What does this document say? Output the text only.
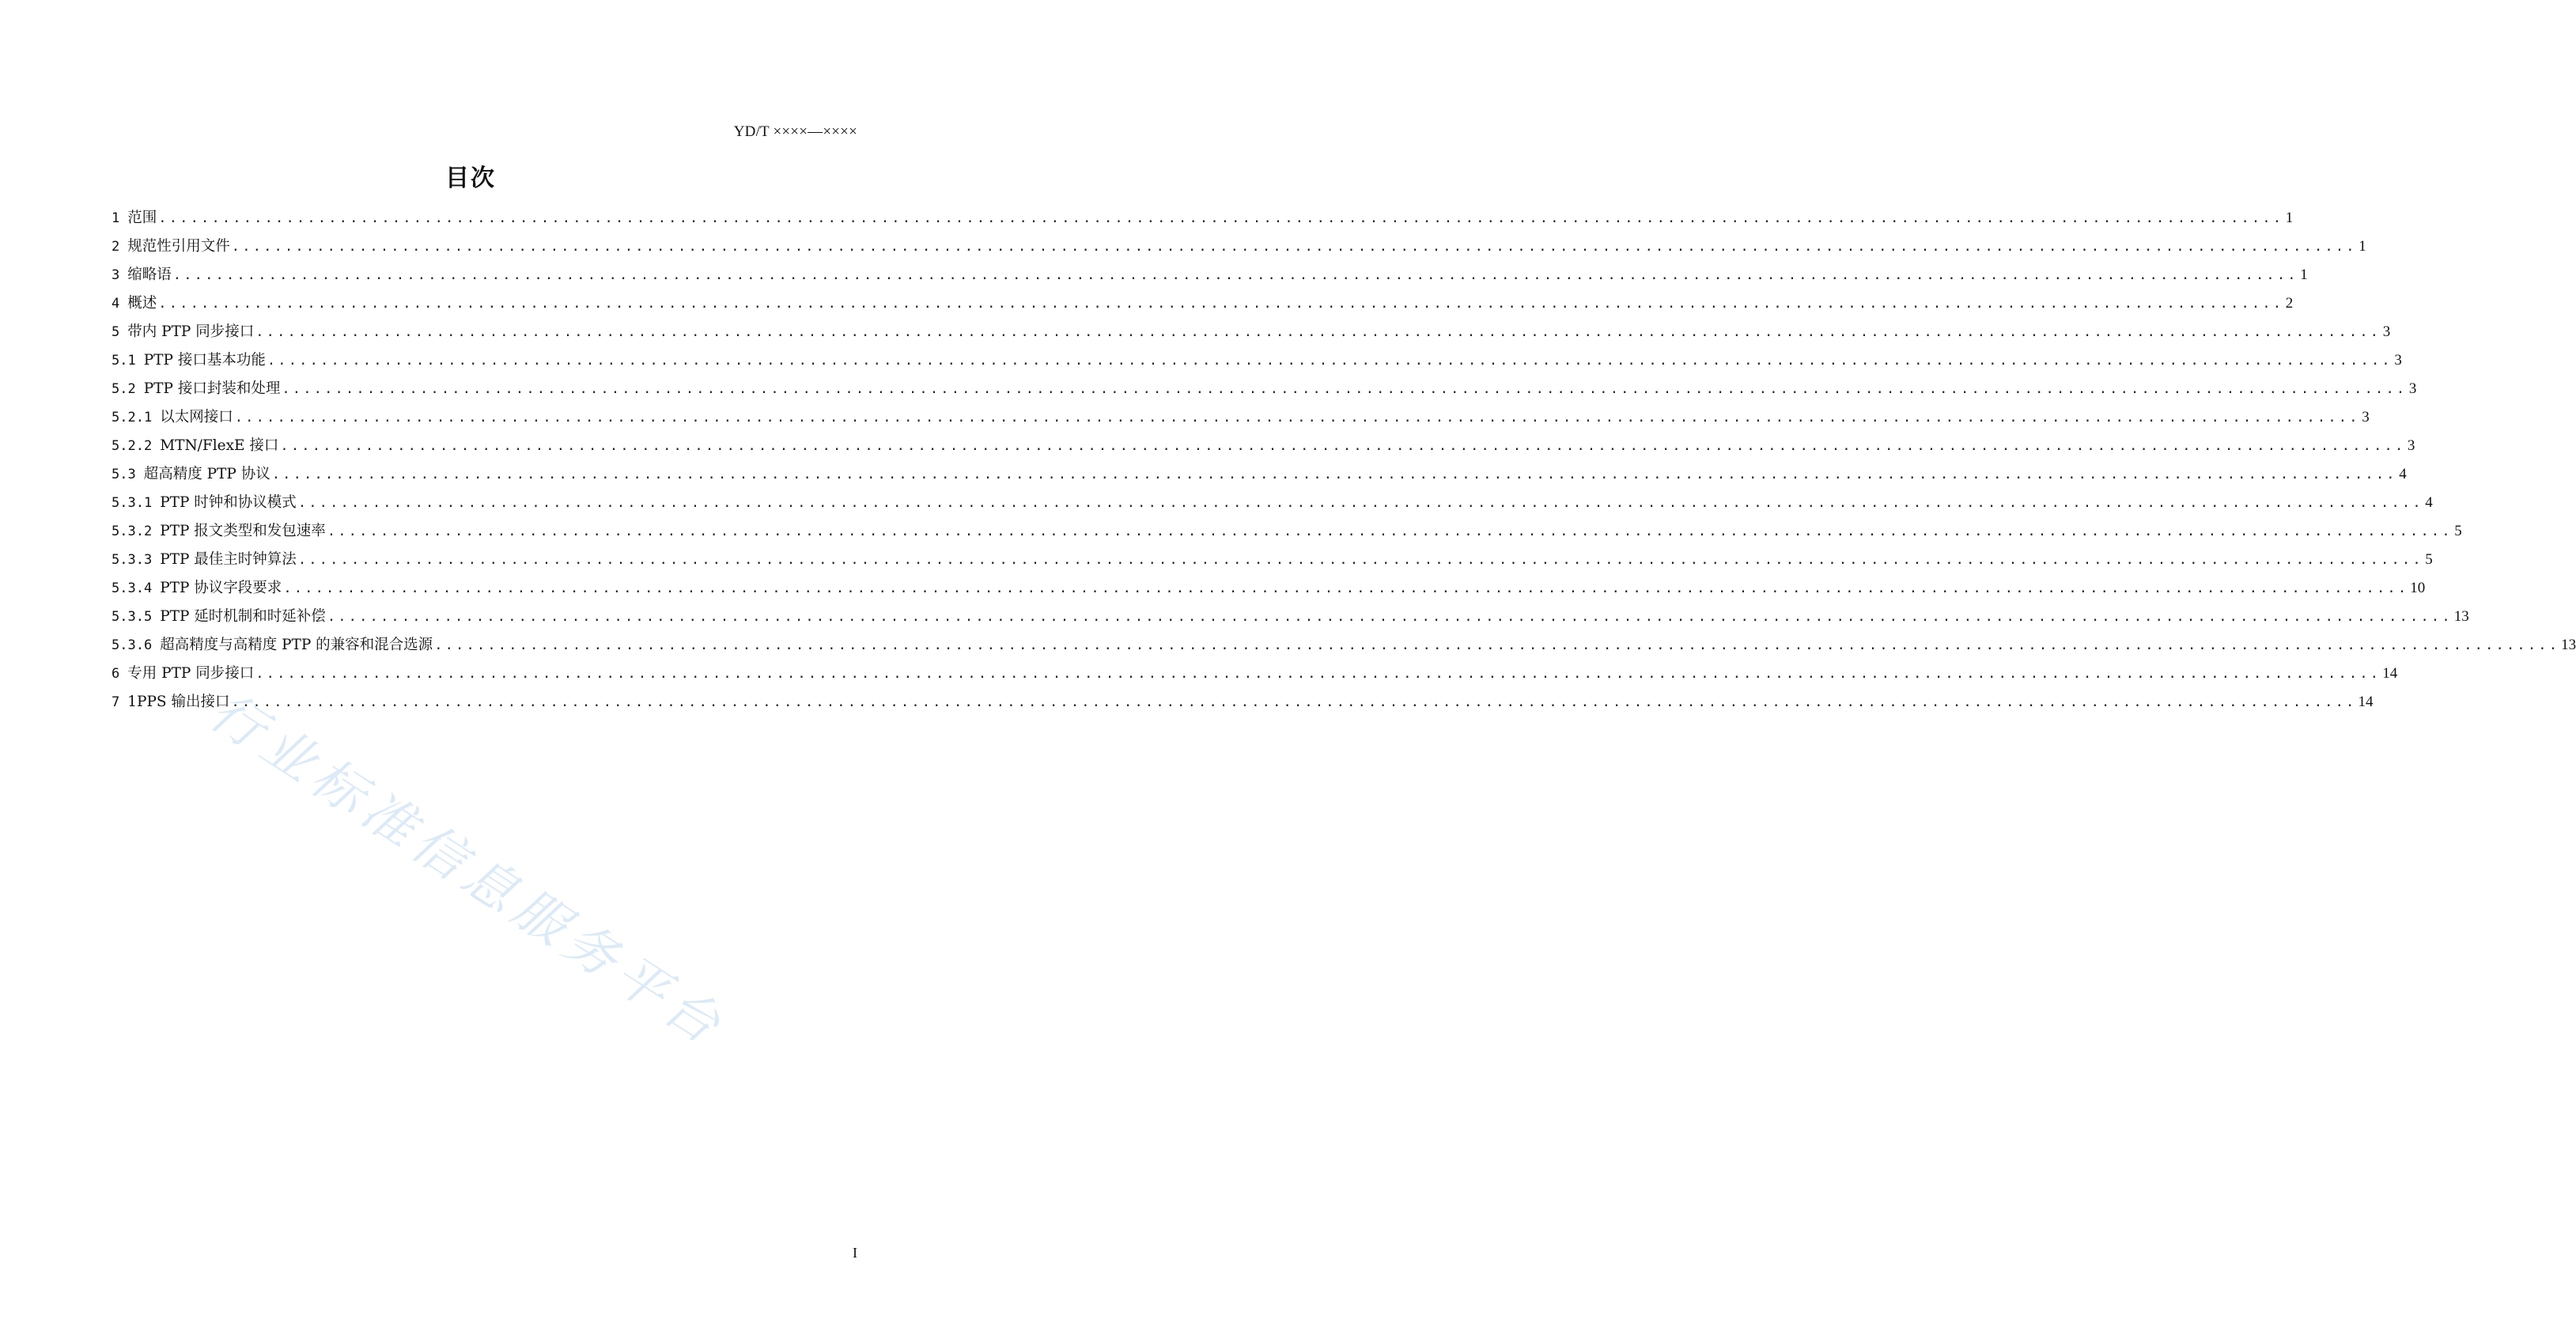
YD/T ××××—××××
目次
1 范围 ........................................................................................................................................................................................................ 1
2 规范性引用文件 ........................................................................................................................................................................................................ 1
3 缩略语 ........................................................................................................................................................................................................ 1
4 概述 ........................................................................................................................................................................................................ 2
5 带内 PTP 同步接口 ........................................................................................................................................................................................................ 3
5.1 PTP 接口基本功能 ........................................................................................................................................................................................................ 3
5.2 PTP 接口封装和处理 ........................................................................................................................................................................................................ 3
5.2.1 以太网接口 ........................................................................................................................................................................................................ 3
5.2.2 MTN/FlexE 接口 ........................................................................................................................................................................................................ 3
5.3 超高精度 PTP 协议 ........................................................................................................................................................................................................ 4
5.3.1 PTP 时钟和协议模式 ........................................................................................................................................................................................................ 4
5.3.2 PTP 报文类型和发包速率 ........................................................................................................................................................................................................ 5
5.3.3 PTP 最佳主时钟算法 ........................................................................................................................................................................................................ 5
5.3.4 PTP 协议字段要求 ........................................................................................................................................................................................................ 10
5.3.5 PTP 延时机制和时延补偿 ........................................................................................................................................................................................................ 13
5.3.6 超高精度与高精度 PTP 的兼容和混合选源 ........................................................................................................................................................................................................ 13
6 专用 PTP 同步接口 ........................................................................................................................................................................................................ 14
7 1PPS 输出接口 ........................................................................................................................................................................................................ 14
行业标准信息服务平台
I
